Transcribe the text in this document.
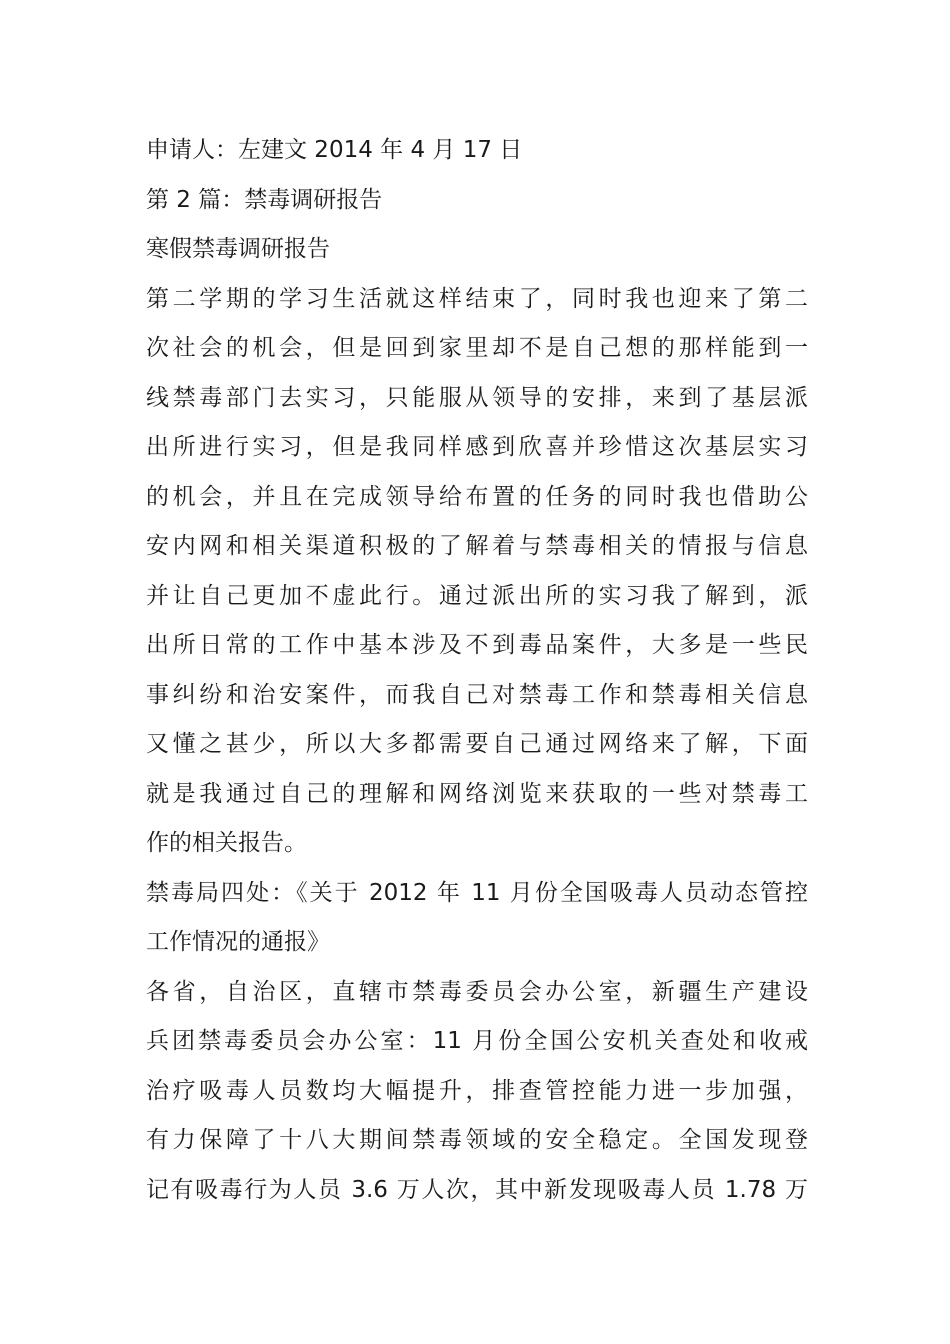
申请人：左建文 2014 年 4 月 17 日
第 2 篇：禁毒调研报告
寒假禁毒调研报告
第二学期的学习生活就这样结束了，同时我也迎来了第二
次社会的机会，但是回到家里却不是自己想的那样能到一
线禁毒部门去实习，只能服从领导的安排，来到了基层派
出所进行实习，但是我同样感到欣喜并珍惜这次基层实习
的机会，并且在完成领导给布置的任务的同时我也借助公
安内网和相关渠道积极的了解着与禁毒相关的情报与信息
并让自己更加不虚此行。通过派出所的实习我了解到，派
出所日常的工作中基本涉及不到毒品案件，大多是一些民
事纠纷和治安案件，而我自己对禁毒工作和禁毒相关信息
又懂之甚少，所以大多都需要自己通过网络来了解，下面
就是我通过自己的理解和网络浏览来获取的一些对禁毒工
作的相关报告。
禁毒局四处：《关于 2012 年 11 月份全国吸毒人员动态管控
工作情况的通报》
各省，自治区，直辖市禁毒委员会办公室，新疆生产建设
兵团禁毒委员会办公室：11 月份全国公安机关查处和收戒
治疗吸毒人员数均大幅提升，排查管控能力进一步加强，
有力保障了十八大期间禁毒领域的安全稳定。全国发现登
记有吸毒行为人员 3.6 万人次，其中新发现吸毒人员 1.78 万
